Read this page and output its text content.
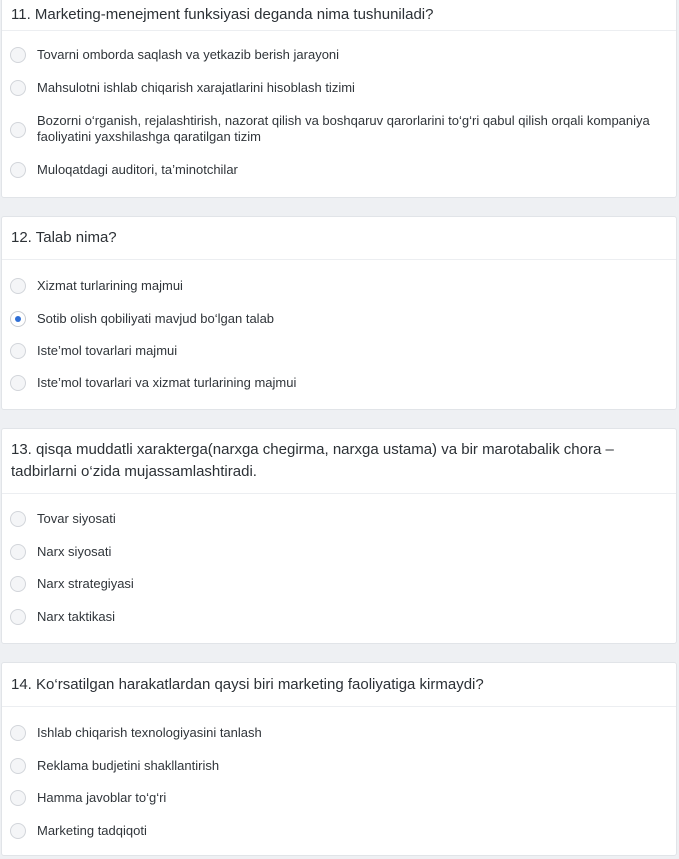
11. Marketing-menejment funksiyasi deganda nima tushuniladi?
Tovarni omborda saqlash va yetkazib berish jarayoni
Mahsulotni ishlab chiqarish xarajatlarini hisoblash tizimi
Bozorni o‘rganish, rejalashtirish, nazorat qilish va boshqaruv qarorlarini to‘g‘ri qabul qilish orqali kompaniya faoliyatini yaxshilashga qaratilgan tizim
Muloqatdagi auditori, ta’minotchilar
12. Talab nima?
Xizmat turlarining majmui
Sotib olish qobiliyati mavjud bo‘lgan talab
Iste’mol tovarlari majmui
Iste’mol tovarlari va xizmat turlarining majmui
13. qisqa muddatli xarakterga(narxga chegirma, narxga ustama) va bir marotabalik chora – tadbirlarni o‘zida mujassamlashtiradi.
Tovar siyosati
Narx siyosati
Narx strategiyasi
Narx taktikasi
14. Ko‘rsatilgan harakatlardan qaysi biri marketing faoliyatiga kirmaydi?
Ishlab chiqarish texnologiyasini tanlash
Reklama budjetini shakllantirish
Hamma javoblar to‘g‘ri
Marketing tadqiqoti
